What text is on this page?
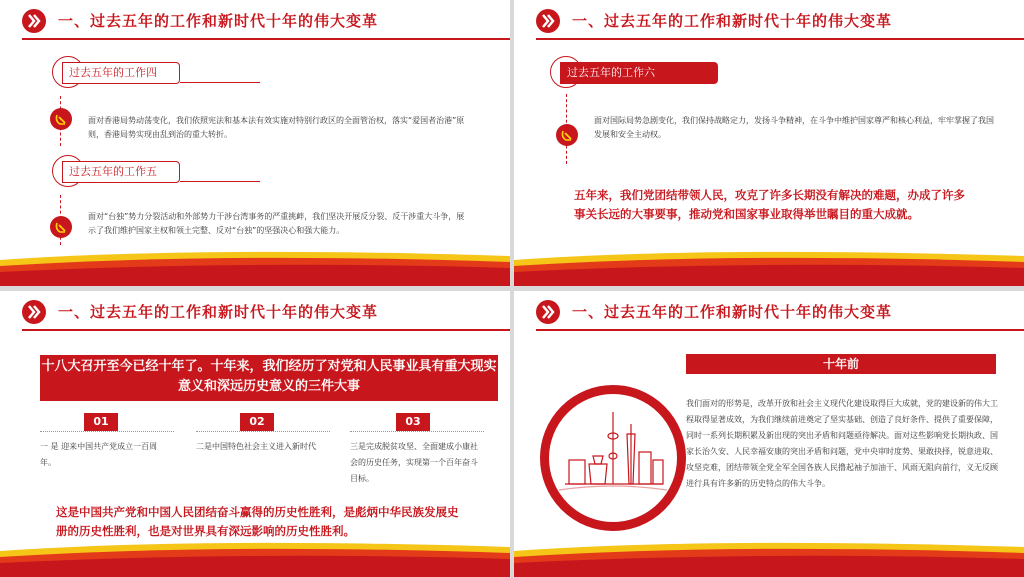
一、过去五年的工作和新时代十年的伟大变革
过去五年的工作四
面对香港局势动荡变化，我们依照宪法和基本法有效实施对特别行政区的全面管治权，落实“爱国者治港”原则，香港局势实现由乱到治的重大转折。
过去五年的工作五
面对“台独”势力分裂活动和外部势力干涉台湾事务的严重挑衅，我们坚决开展反分裂、反干涉重大斗争，展示了我们维护国家主权和领土完整、反对“台独”的坚强决心和强大能力。
一、过去五年的工作和新时代十年的伟大变革
过去五年的工作六
面对国际局势急剧变化，我们保持战略定力，发扬斗争精神，在斗争中维护国家尊严和核心利益，牢牢掌握了我国发展和安全主动权。
五年来，我们党团结带领人民，攻克了许多长期没有解决的难题，办成了许多事关长远的大事要事，推动党和国家事业取得举世瞩目的重大成就。
一、过去五年的工作和新时代十年的伟大变革
十八大召开至今已经十年了。十年来，我们经历了对党和人民事业具有重大现实意义和深远历史意义的三件大事
01
一 是 迎来中国共产党成立一百周年。
02
二是中国特色社会主义进入新时代
03
三是完成脱贫攻坚、全面建成小康社会的历史任务，实现第一个百年奋斗目标。
这是中国共产党和中国人民团结奋斗赢得的历史性胜利，是彪炳中华民族发展史册的历史性胜利，也是对世界具有深远影响的历史性胜利。
一、过去五年的工作和新时代十年的伟大变革
十年前
我们面对的形势是，改革开放和社会主义现代化建设取得巨大成就，党的建设新的伟大工程取得显著成效，为我们继续前进奠定了坚实基础、创造了良好条件、提供了重要保障，同时一系列长期积累及新出现的突出矛盾和问题亟待解决。面对这些影响党长期执政、国家长治久安、人民幸福安康的突出矛盾和问题，党中央审时度势、果敢抉择，锐意进取、攻坚克难，团结带领全党全军全国各族人民撸起袖子加油干、风雨无阻向前行，义无反顾进行具有许多新的历史特点的伟大斗争。
